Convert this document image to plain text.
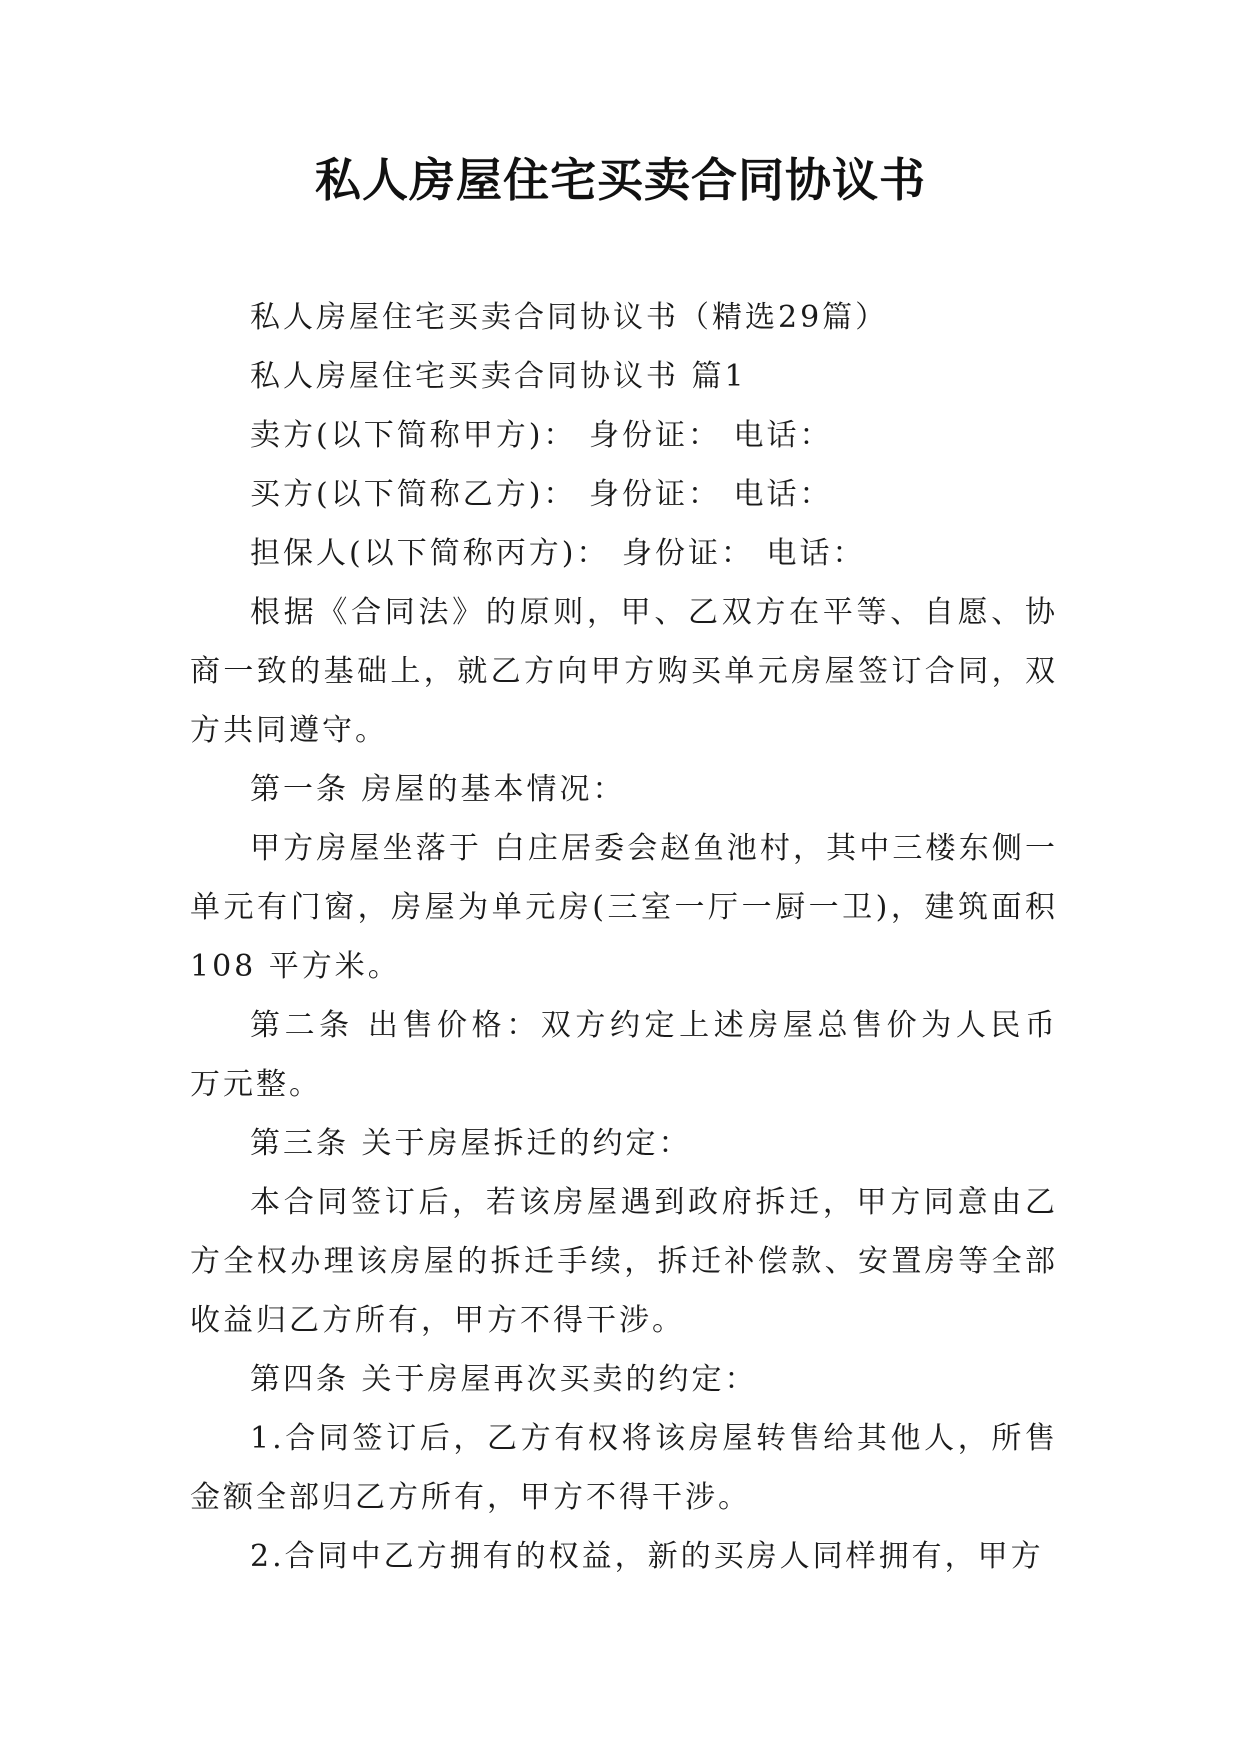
私人房屋住宅买卖合同协议书

私人房屋住宅买卖合同协议书（精选29篇）

私人房屋住宅买卖合同协议书 篇1

卖方(以下简称甲方)： 身份证： 电话：

买方(以下简称乙方)： 身份证： 电话：

担保人(以下简称丙方)： 身份证： 电话：

根据《合同法》的原则，甲、乙双方在平等、自愿、协商一致的基础上，就乙方向甲方购买单元房屋签订合同，双方共同遵守。

第一条 房屋的基本情况：

甲方房屋坐落于 白庄居委会赵鱼池村，其中三楼东侧一单元有门窗，房屋为单元房(三室一厅一厨一卫)，建筑面积108 平方米。

第二条 出售价格：双方约定上述房屋总售价为人民币 万元整。

第三条 关于房屋拆迁的约定：

本合同签订后，若该房屋遇到政府拆迁，甲方同意由乙方全权办理该房屋的拆迁手续，拆迁补偿款、安置房等全部收益归乙方所有，甲方不得干涉。

第四条 关于房屋再次买卖的约定：

1.合同签订后，乙方有权将该房屋转售给其他人，所售金额全部归乙方所有，甲方不得干涉。

2.合同中乙方拥有的权益，新的买房人同样拥有，甲方
